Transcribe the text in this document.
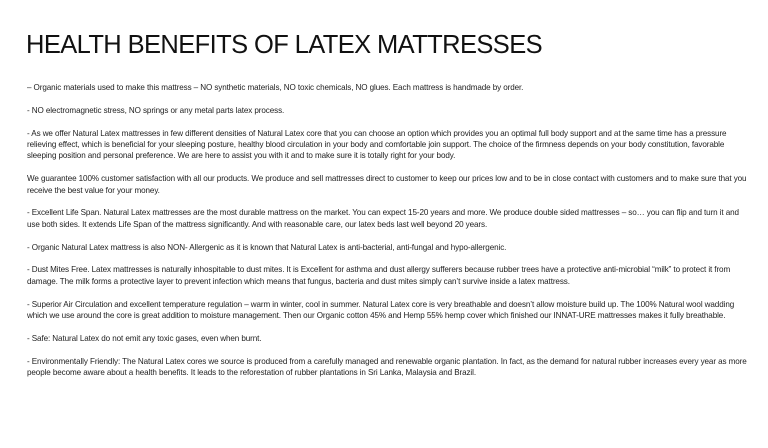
HEALTH BENEFITS OF LATEX MATTRESSES

– Organic materials used to make this mattress – NO synthetic materials, NO toxic chemicals, NO glues. Each mattress is handmade by order.

- NO electromagnetic stress, NO springs or any metal parts latex process.

- As we offer Natural Latex mattresses in few different densities of Natural Latex core that you can choose an option which provides you an optimal full body support and at the same time has a pressure relieving effect, which is beneficial for your sleeping posture, healthy blood circulation in your body and comfortable join support. The choice of the firmness depends on your body constitution, favorable sleeping position and personal preference. We are here to assist you with it and to make sure it is totally right for your body.

We guarantee 100% customer satisfaction with all our products. We produce and sell mattresses direct to customer to keep our prices low and to be in close contact with customers and to make sure that you receive the best value for your money.

- Excellent Life Span. Natural Latex mattresses are the most durable mattress on the market. You can expect 15-20 years and more. We produce double sided mattresses – so… you can flip and turn it and use both sides. It extends Life Span of the mattress significantly. And with reasonable care, our latex beds last well beyond 20 years.

- Organic Natural Latex mattress is also NON- Allergenic as it is known that Natural Latex is anti-bacterial, anti-fungal and hypo-allergenic.

- Dust Mites Free. Latex mattresses is naturally inhospitable to dust mites. It is Excellent for asthma and dust allergy sufferers because rubber trees have a protective anti-microbial “milk” to protect it from damage. The milk forms a protective layer to prevent infection which means that fungus, bacteria and dust mites simply can’t survive inside a latex mattress.

- Superior Air Circulation and excellent temperature regulation – warm in winter, cool in summer. Natural Latex core is very breathable and doesn’t allow moisture build up. The 100% Natural wool wadding which we use around the core is great addition to moisture management. Then our Organic cotton 45% and Hemp 55% hemp cover which finished our INNAT-URE mattresses makes it fully breathable.

- Safe: Natural Latex do not emit any toxic gases, even when burnt.

- Environmentally Friendly: The Natural Latex cores we source is produced from a carefully managed and renewable organic plantation. In fact, as the demand for natural rubber increases every year as more people become aware about a health benefits. It leads to the reforestation of rubber plantations in Sri Lanka, Malaysia and Brazil.
